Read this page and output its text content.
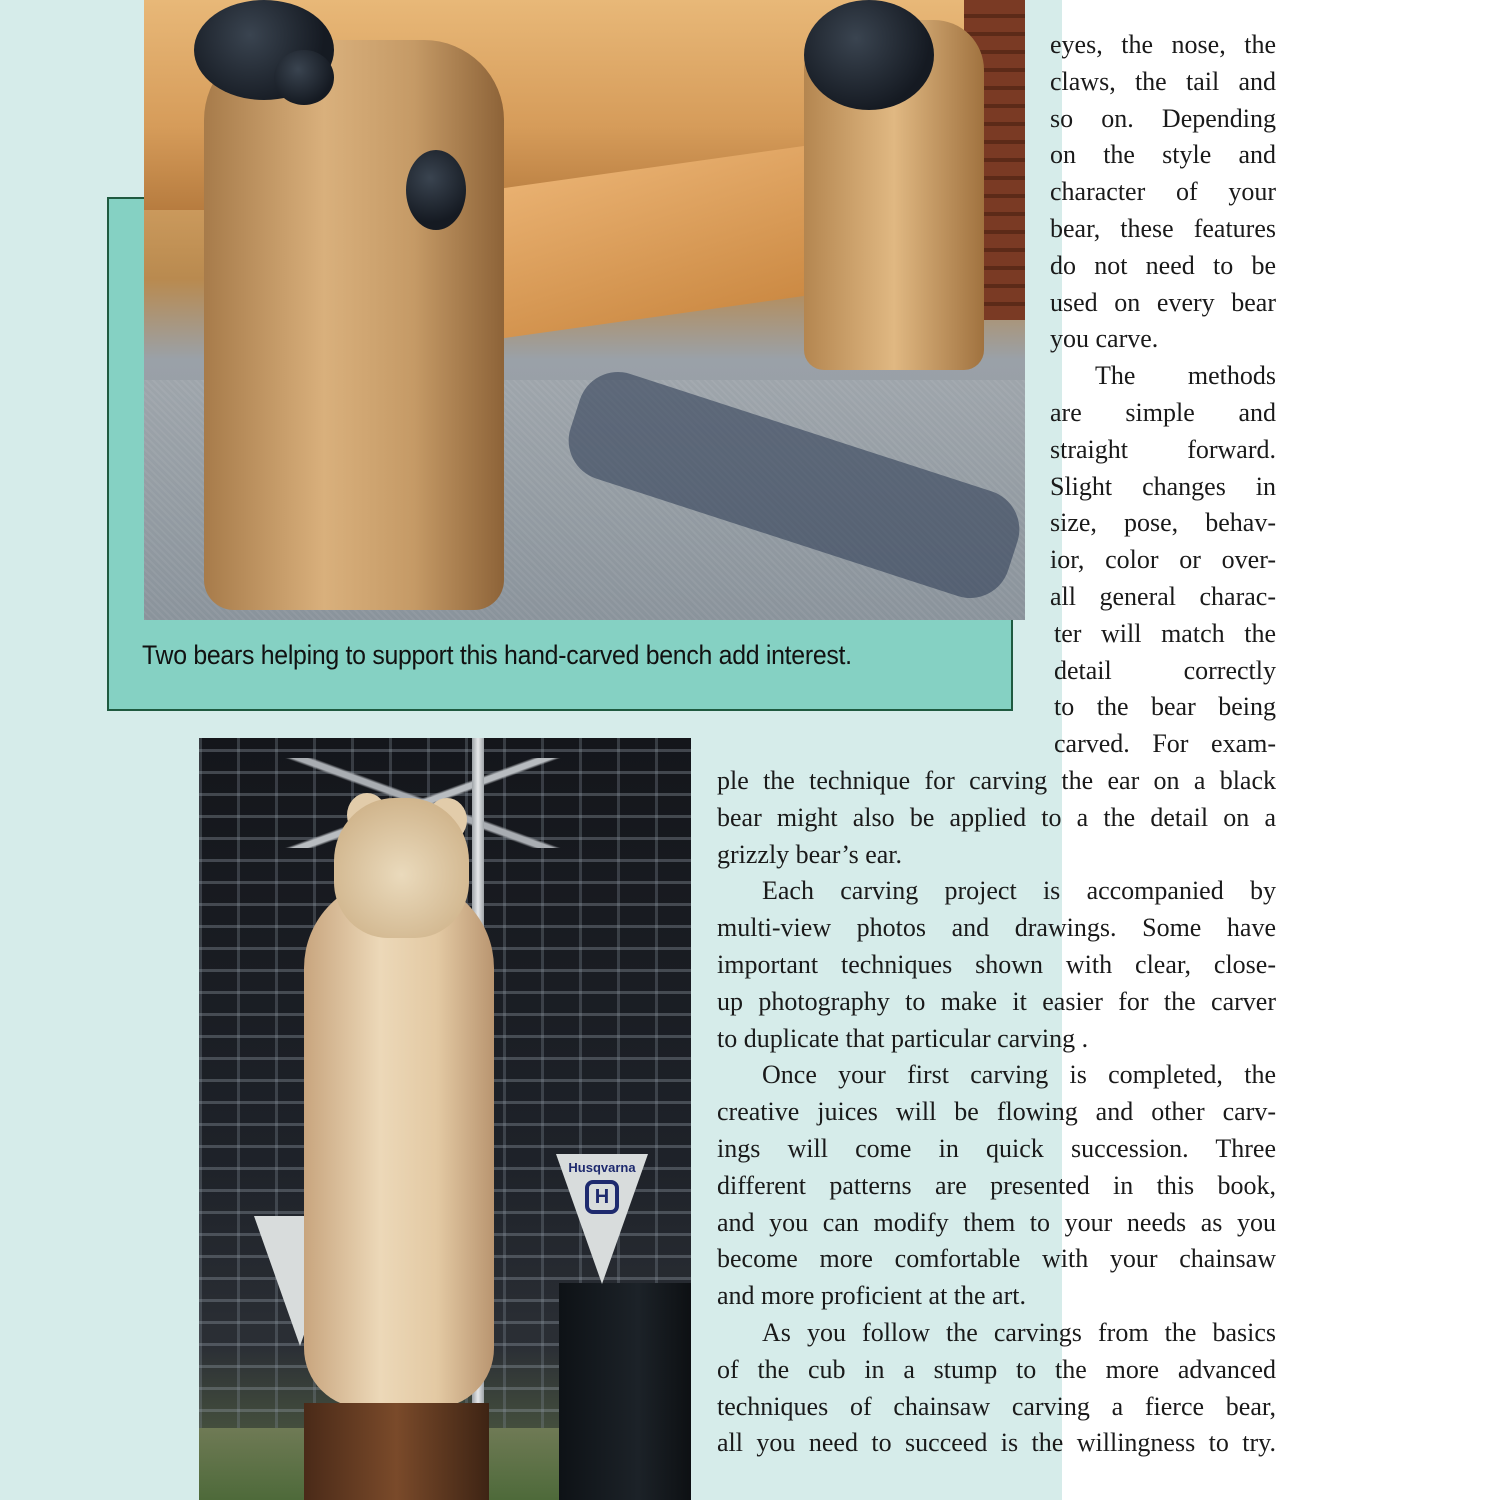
Two bears helping to support this hand-carved bench add interest.
Husqvarna
H
eyes, the nose, the
claws, the tail and
so on. Depending
on the style and
character of your
bear, these features
do not need to be
used on every bear
you carve.
The methods
are simple and
straight forward.
Slight changes in
size, pose, behav-
ior, color or over-
all general charac-
ter will match the
detail correctly
to the bear being
carved. For exam-
ple the technique for carving the ear on a black
bear might also be applied to a the detail on a
grizzly bear’s ear.
Each carving project is accompanied by
multi-view photos and drawings. Some have
important techniques shown with clear, close-
up photography to make it easier for the carver
to duplicate that particular carving .
Once your first carving is completed, the
creative juices will be flowing and other carv-
ings will come in quick succession. Three
different patterns are presented in this book,
and you can modify them to your needs as you
become more comfortable with your chainsaw
and more proficient at the art.
As you follow the carvings from the basics
of the cub in a stump to the more advanced
techniques of chainsaw carving a fierce bear,
all you need to succeed is the willingness to try.
